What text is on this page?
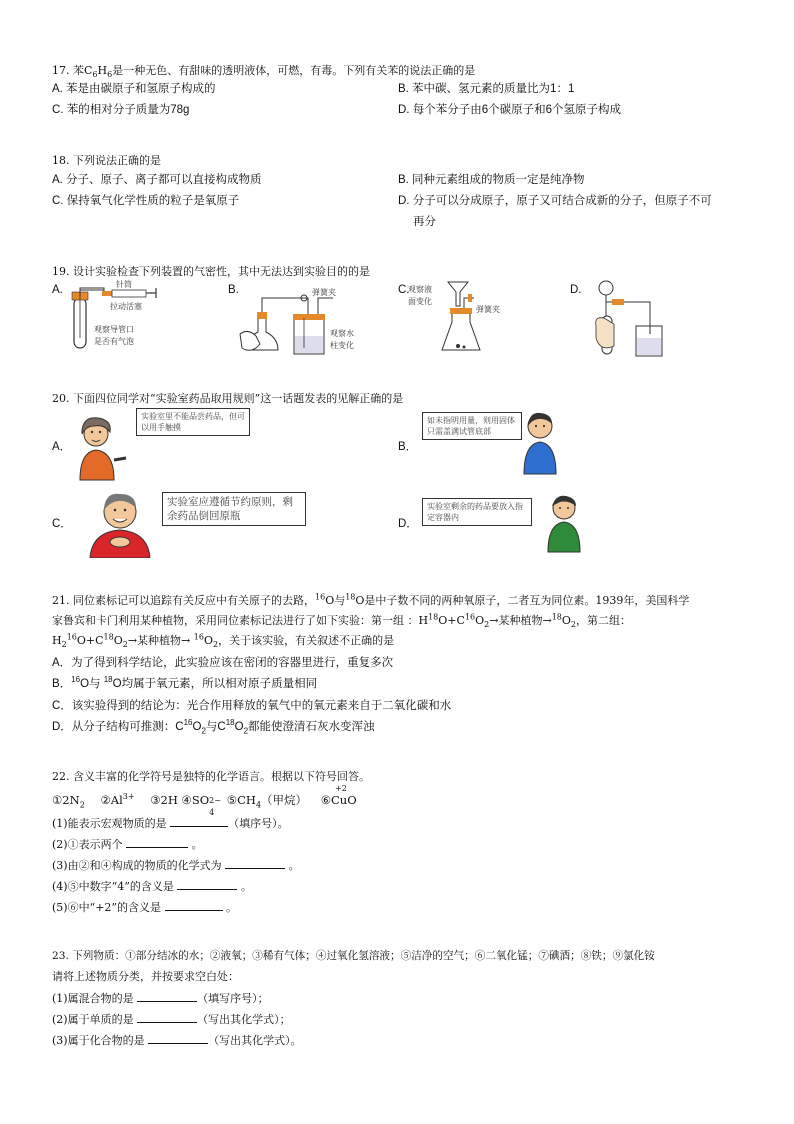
17. 苯$C_6H_6$是一种无色、有甜味的透明液体，可燃，有毒。下列有关苯的说法正确的是
A. 苯是由碳原子和氢原子构成的	B. 苯中碳、氢元素的质量比为1：1
C. 苯的相对分子质量为78g	D. 每个苯分子由6个碳原子和6个氢原子构成
18. 下列说法正确的是
A. 分子、原子、离子都可以直接构成物质	B. 同种元素组成的物质一定是纯净物
C. 保持氧气化学性质的粒子是氧原子	D. 分子可以分成原子，原子又可结合成新的分子，但原子不可
再分
19. 设计实验检查下列装置的气密性，其中无法达到实验目的的是
A.	B.	C.	D.
针筒
拉动活塞
观察导管口
是否有气泡
弹簧夹
观察水
柱变化
观察液
面变化
弹簧夹
20. 下面四位同学对“实验室药品取用规则”这一话题发表的见解正确的是
A．
实验室里不能品尝药品，但可以用手触摸
B．
如未指明用量，则用固体只需盖满试管底部
C．
实验室应遵循节约原则，剩余药品倒回原瓶
D．
实验室剩余的药品要放入指定容器内
21. 同位素标记可以追踪有关反应中有关原子的去路，$^{16}$O与$^{18}$O是中子数不同的两种氧原子，二者互为同位素。1939年，美国科学
家鲁宾和卡门利用某种植物，采用同位素标记法进行了如下实验：第一组 ：$H^{18}O+C^{16}O_2\to$某种植物$\to^{18}O_2$，第二组：
$H_2^{16}O+C^{18}O_2\to$某种植物→ $^{16}O_2$，关于该实验，有关叙述不正确的是
A．为了得到科学结论，此实验应该在密闭的容器里进行，重复多次
B．$^{16}$O与 $^{18}$O均属于氧元素，所以相对原子质量相同
C．该实验得到的结论为：光合作用释放的氧气中的氧元素来自于二氧化碳和水
D．从分子结构可推测：$C^{16}O_2$与$C^{18}O_2$都能使澄清石灰水变浑浊
22. 含义丰富的化学符号是独特的化学语言。根据以下符号回答。
$①2N_2$ $②Al^{3+}$ ③2H ④SO 2−
4
$⑤CH_4$（甲烷） ⑥
+2
CuO
(1)能表示宏观物质的是	（填序号）。
(2)①表示两个	。
(3)由②和④构成的物质的化学式为	。
(4)⑤中数字“4”的含义是	。
(5)⑥中“+2”的含义是	。
23. 下列物质：①部分结冰的水；②液氧；③稀有气体；④过氧化氢溶液；⑤洁净的空气；⑥二氧化锰；⑦碘酒；⑧铁；⑨氯化铵
请将上述物质分类，并按要求空白处：
(1)属混合物的是	（填写序号）；
(2)属于单质的是	（写出其化学式）；
(3)属于化合物的是	（写出其化学式）。
